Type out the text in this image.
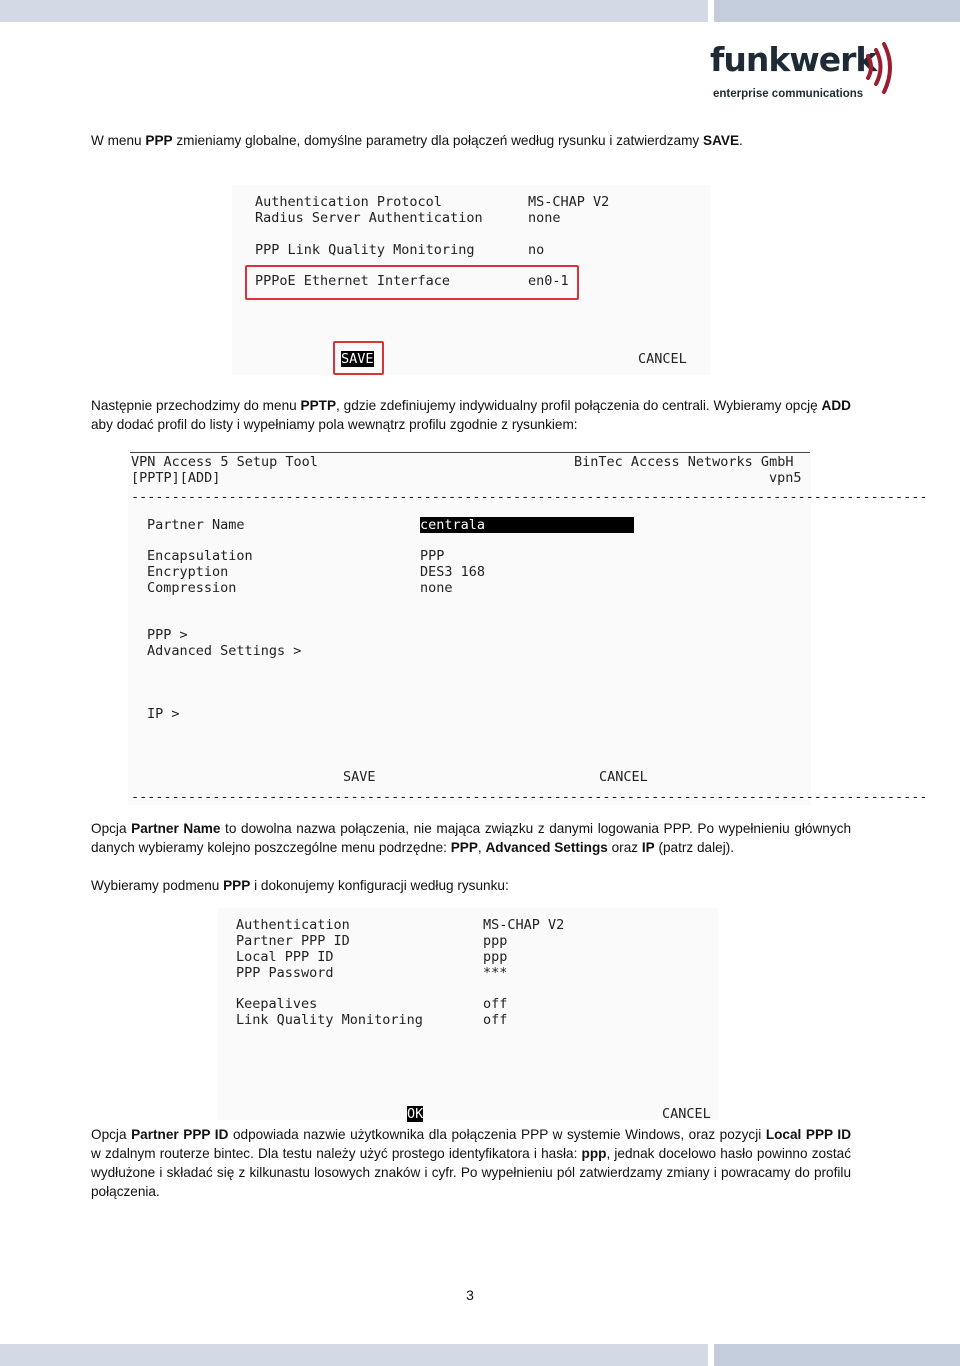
funkwerk
enterprise communications
W menu PPP zmieniamy globalne, domyślne parametry dla połączeń według rysunku i zatwierdzamy SAVE.
Authentication Protocol	MS-CHAP V2
Radius Server Authentication	none
PPP Link Quality Monitoring	no
PPPoE Ethernet Interface	en0-1
SAVE	CANCEL
Następnie przechodzimy do menu PPTP, gdzie zdefiniujemy indywidualny profil połączenia do centrali. Wybieramy opcję ADD aby dodać profil do listy i wypełniamy pola wewnątrz profilu zgodnie z rysunkiem:
VPN Access 5 Setup Tool	BinTec Access Networks GmbH
[PPTP][ADD]	vpn5
--------------------------------------------------------------------------------------------------
Partner Name	centrala
Encapsulation	PPP
Encryption	DES3 168
Compression	none
PPP >
Advanced Settings >
IP >
SAVE	CANCEL
--------------------------------------------------------------------------------------------------
Opcja Partner Name to dowolna nazwa połączenia, nie mająca związku z danymi logowania PPP. Po wypełnieniu głównych danych wybieramy kolejno poszczególne menu podrzędne: PPP, Advanced Settings oraz IP (patrz dalej).
Wybieramy podmenu PPP i dokonujemy konfiguracji według rysunku:
Authentication	MS-CHAP V2
Partner PPP ID	ppp
Local PPP ID	ppp
PPP Password	***
Keepalives	off
Link Quality Monitoring	off
OK	CANCEL
Opcja Partner PPP ID odpowiada nazwie użytkownika dla połączenia PPP w systemie Windows, oraz pozycji Local PPP ID w zdalnym routerze bintec. Dla testu należy użyć prostego identyfikatora i hasła: ppp, jednak docelowo hasło powinno zostać wydłużone i składać się z kilkunastu losowych znaków i cyfr. Po wypełnieniu pól zatwierdzamy zmiany i powracamy do profilu połączenia.
3
